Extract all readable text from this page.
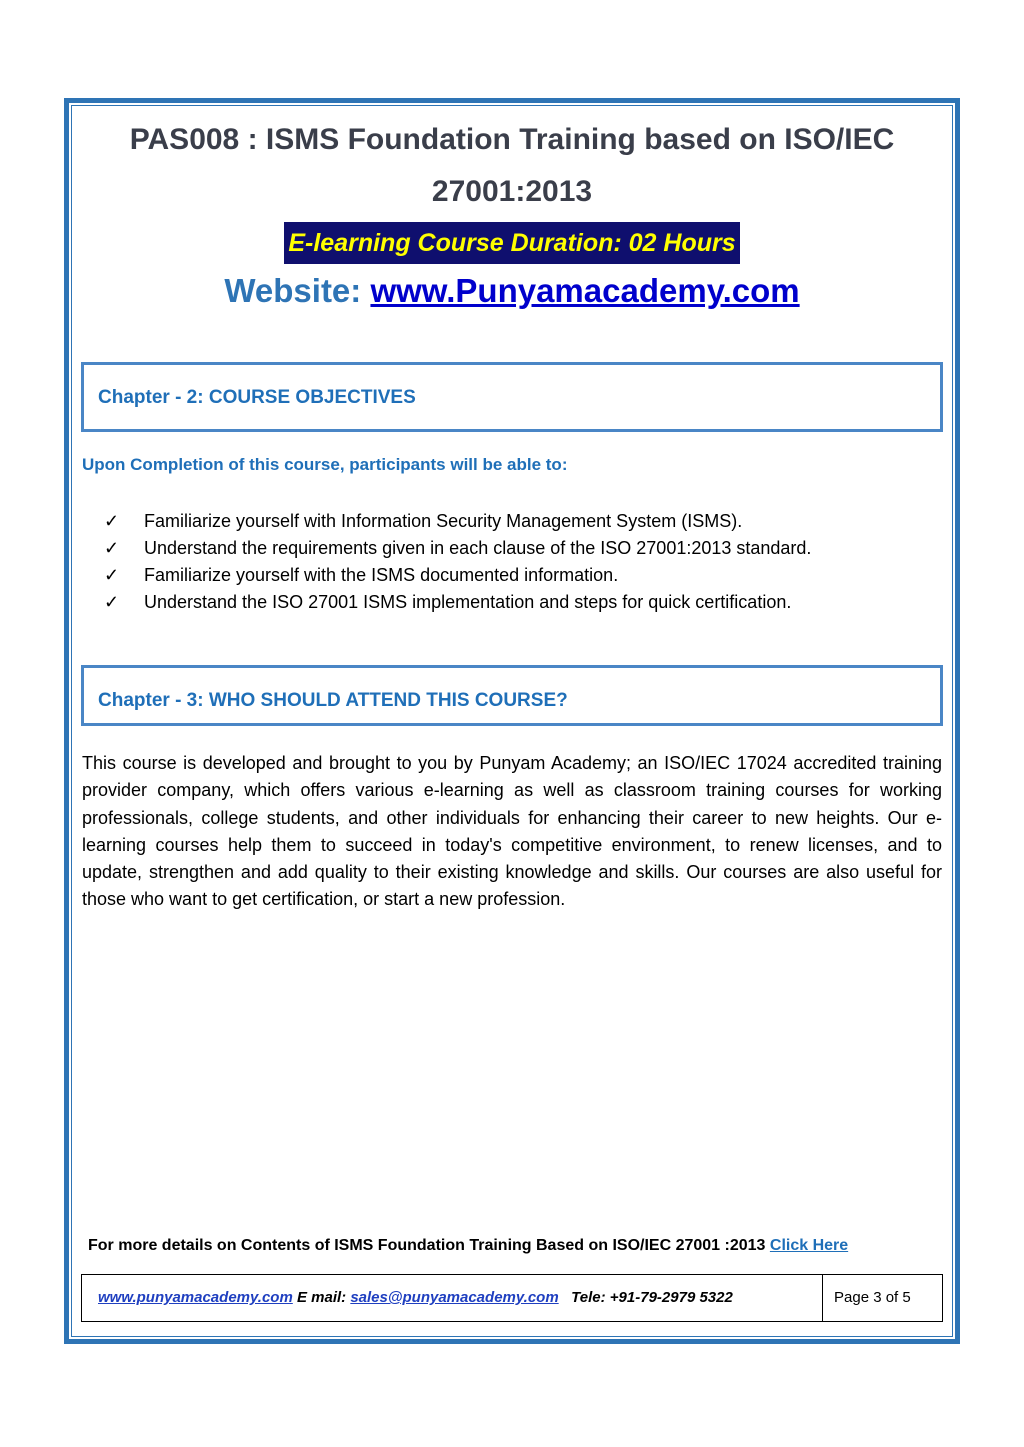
PAS008 : ISMS Foundation Training based on ISO/IEC
27001:2013
E-learning Course Duration: 02 Hours
Website: www.Punyamacademy.com
Chapter - 2: COURSE OBJECTIVES
Upon Completion of this course, participants will be able to:
✓ Familiarize yourself with Information Security Management System (ISMS).
✓ Understand the requirements given in each clause of the ISO 27001:2013 standard.
✓ Familiarize yourself with the ISMS documented information.
✓ Understand the ISO 27001 ISMS implementation and steps for quick certification.
Chapter - 3: WHO SHOULD ATTEND THIS COURSE?
This course is developed and brought to you by Punyam Academy; an ISO/IEC 17024 accredited training provider company, which offers various e-learning as well as classroom training courses for working professionals, college students, and other individuals for enhancing their career to new heights. Our e-learning courses help them to succeed in today's competitive environment, to renew licenses, and to update, strengthen and add quality to their existing knowledge and skills. Our courses are also useful for those who want to get certification, or start a new profession.
For more details on Contents of ISMS Foundation Training Based on ISO/IEC 27001 :2013 Click Here
www.punyamacademy.com E mail: sales@punyamacademy.com   Tele: +91-79-2979 5322	Page 3 of 5
